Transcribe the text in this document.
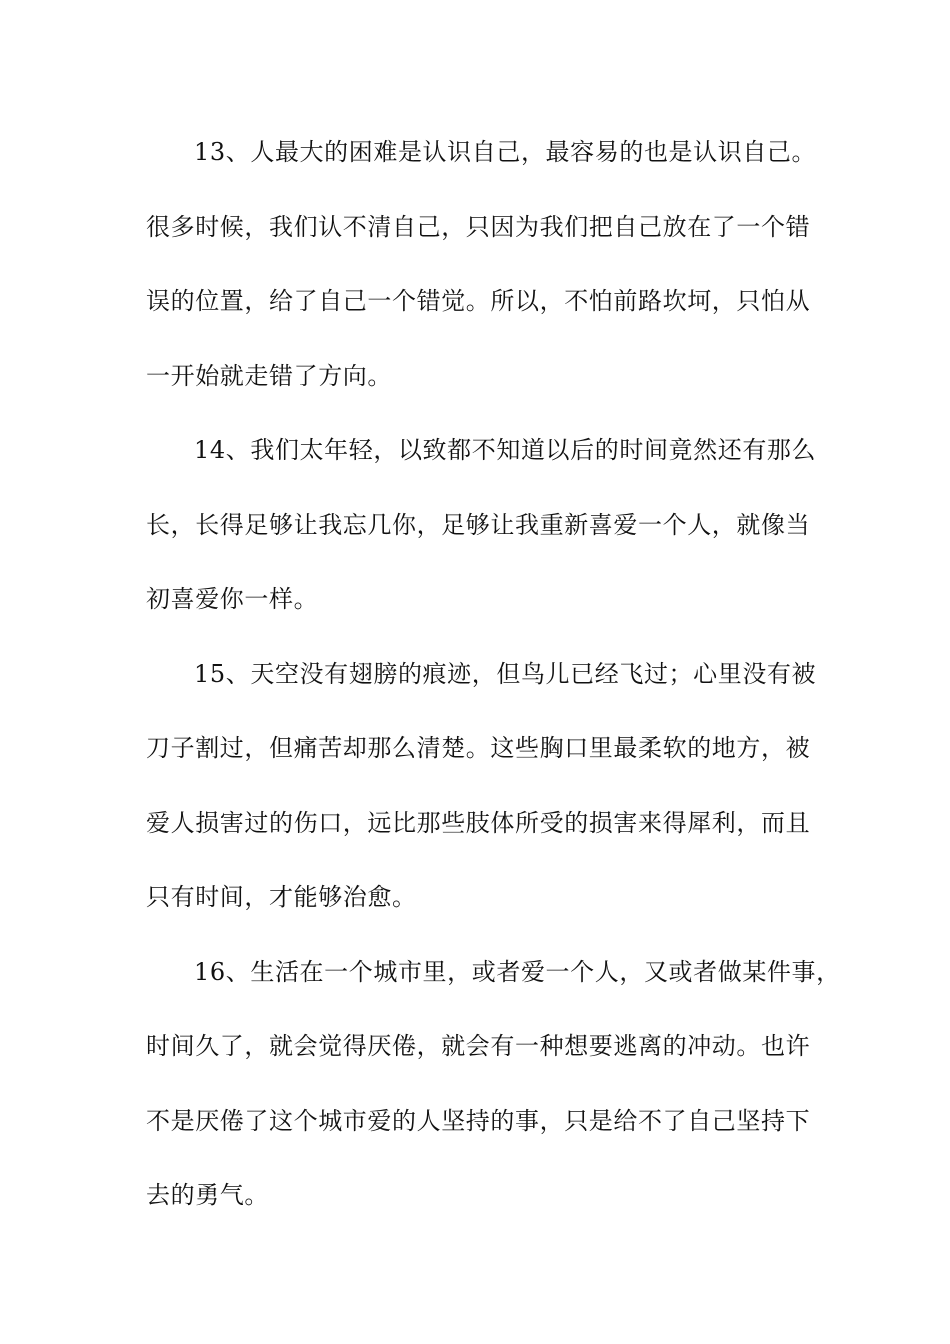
13、人最大的困难是认识自己，最容易的也是认识自己。
很多时候，我们认不清自己，只因为我们把自己放在了一个错
误的位置，给了自己一个错觉。所以，不怕前路坎坷，只怕从
一开始就走错了方向。
14、我们太年轻，以致都不知道以后的时间竟然还有那么
长，长得足够让我忘几你，足够让我重新喜爱一个人，就像当
初喜爱你一样。
15、天空没有翅膀的痕迹，但鸟儿已经飞过；心里没有被
刀子割过，但痛苦却那么清楚。这些胸口里最柔软的地方，被
爱人损害过的伤口，远比那些肢体所受的损害来得犀利，而且
只有时间，才能够治愈。
16、生活在一个城市里，或者爱一个人，又或者做某件事，
时间久了，就会觉得厌倦，就会有一种想要逃离的冲动。也许
不是厌倦了这个城市爱的人坚持的事，只是给不了自己坚持下
去的勇气。
